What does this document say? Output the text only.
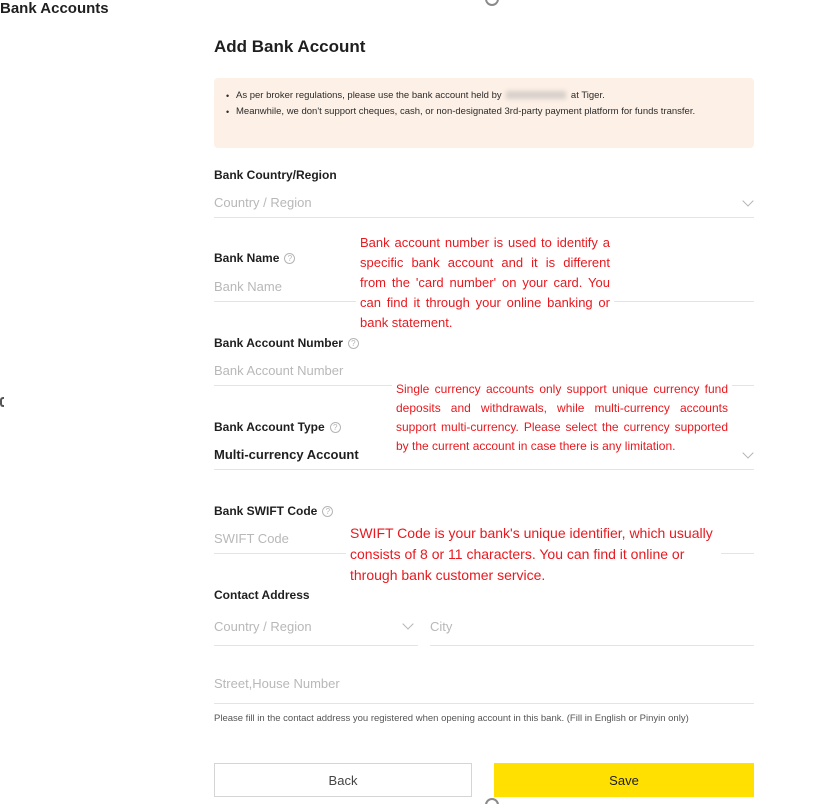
Bank Accounts
Add Bank Account
• As per broker regulations, please use the bank account held by	at Tiger.
• Meanwhile, we don't support cheques, cash, or non-designated 3rd-party payment platform for funds transfer.
Bank Country/Region
Country / Region
Bank Name	?
Bank Name
Bank Account Number	?
Bank Account Number
Bank Account Type	?
Multi-currency Account
Bank SWIFT Code	?
SWIFT Code
Contact Address
Country / Region	City
Street,House Number
Please fill in the contact address you registered when opening account in this bank. (Fill in English or Pinyin only)
Back	Save
Bank account number is used to identify a specific bank account and it is different from the 'card number' on your card. You can find it through your online banking or bank statement.
Single currency accounts only support unique currency fund deposits and withdrawals, while multi-currency accounts support multi-currency. Please select the currency supported by the current account in case there is any limitation.
SWIFT Code is your bank's unique identifier, which usually consists of 8 or 11 characters. You can find it online or through bank customer service.
